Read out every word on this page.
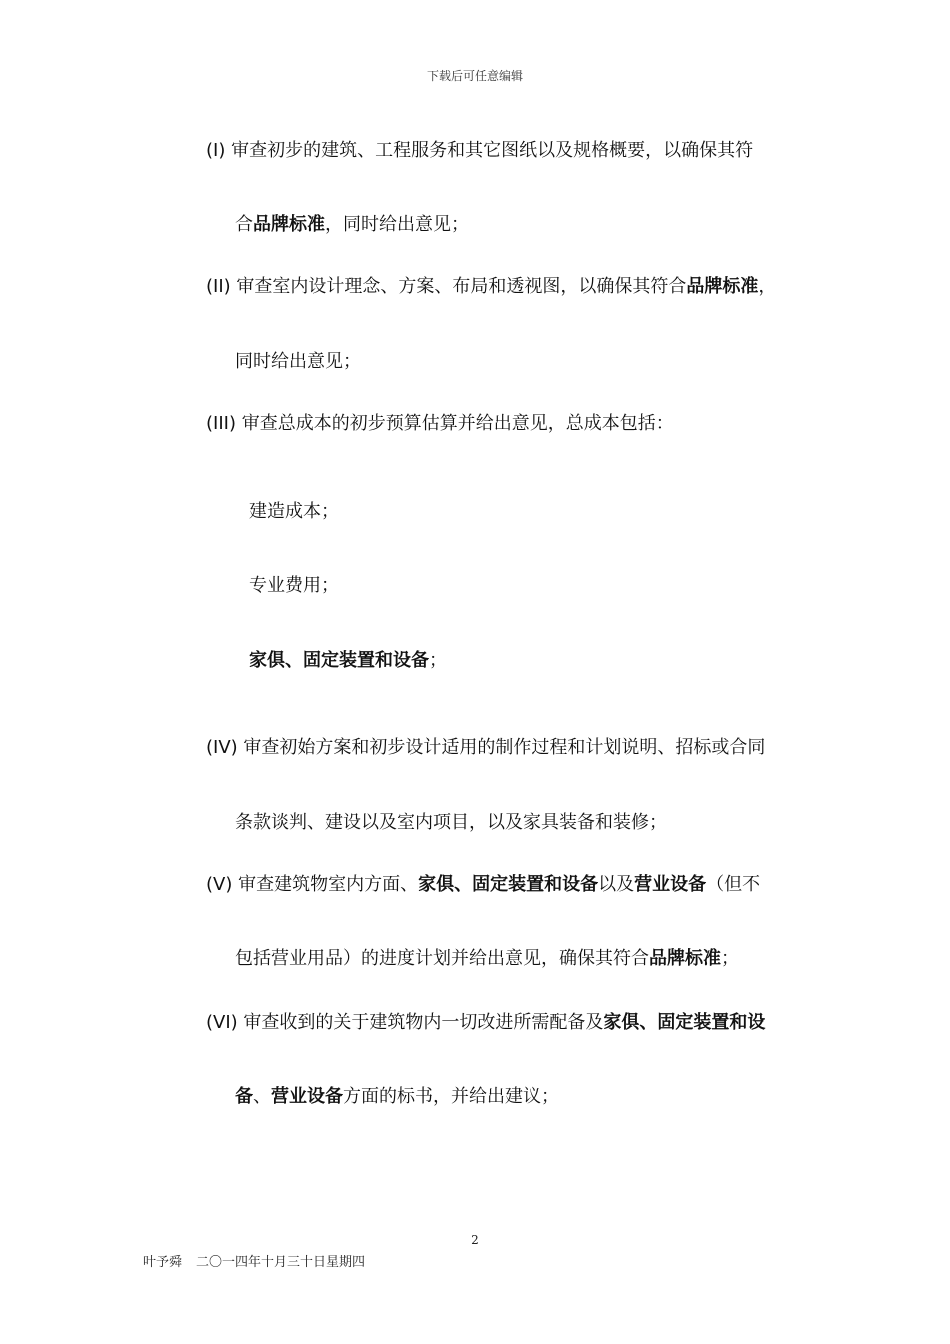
下载后可任意编辑
(I) 审查初步的建筑、工程服务和其它图纸以及规格概要，以确保其符
合品牌标准，同时给出意见；
(II) 审查室内设计理念、方案、布局和透视图，以确保其符合品牌标准，
同时给出意见；
(III) 审查总成本的初步预算估算并给出意见，总成本包括：
建造成本；
专业费用；
家俱、固定装置和设备；
(IV) 审查初始方案和初步设计适用的制作过程和计划说明、招标或合同
条款谈判、建设以及室内项目，以及家具装备和装修；
(V) 审查建筑物室内方面、家俱、固定装置和设备以及营业设备（但不
包括营业用品）的进度计划并给出意见，确保其符合品牌标准；
(VI) 审查收到的关于建筑物内一切改进所需配备及家俱、固定装置和设
备、营业设备方面的标书，并给出建议；
2
叶予舜 二〇一四年十月三十日星期四
